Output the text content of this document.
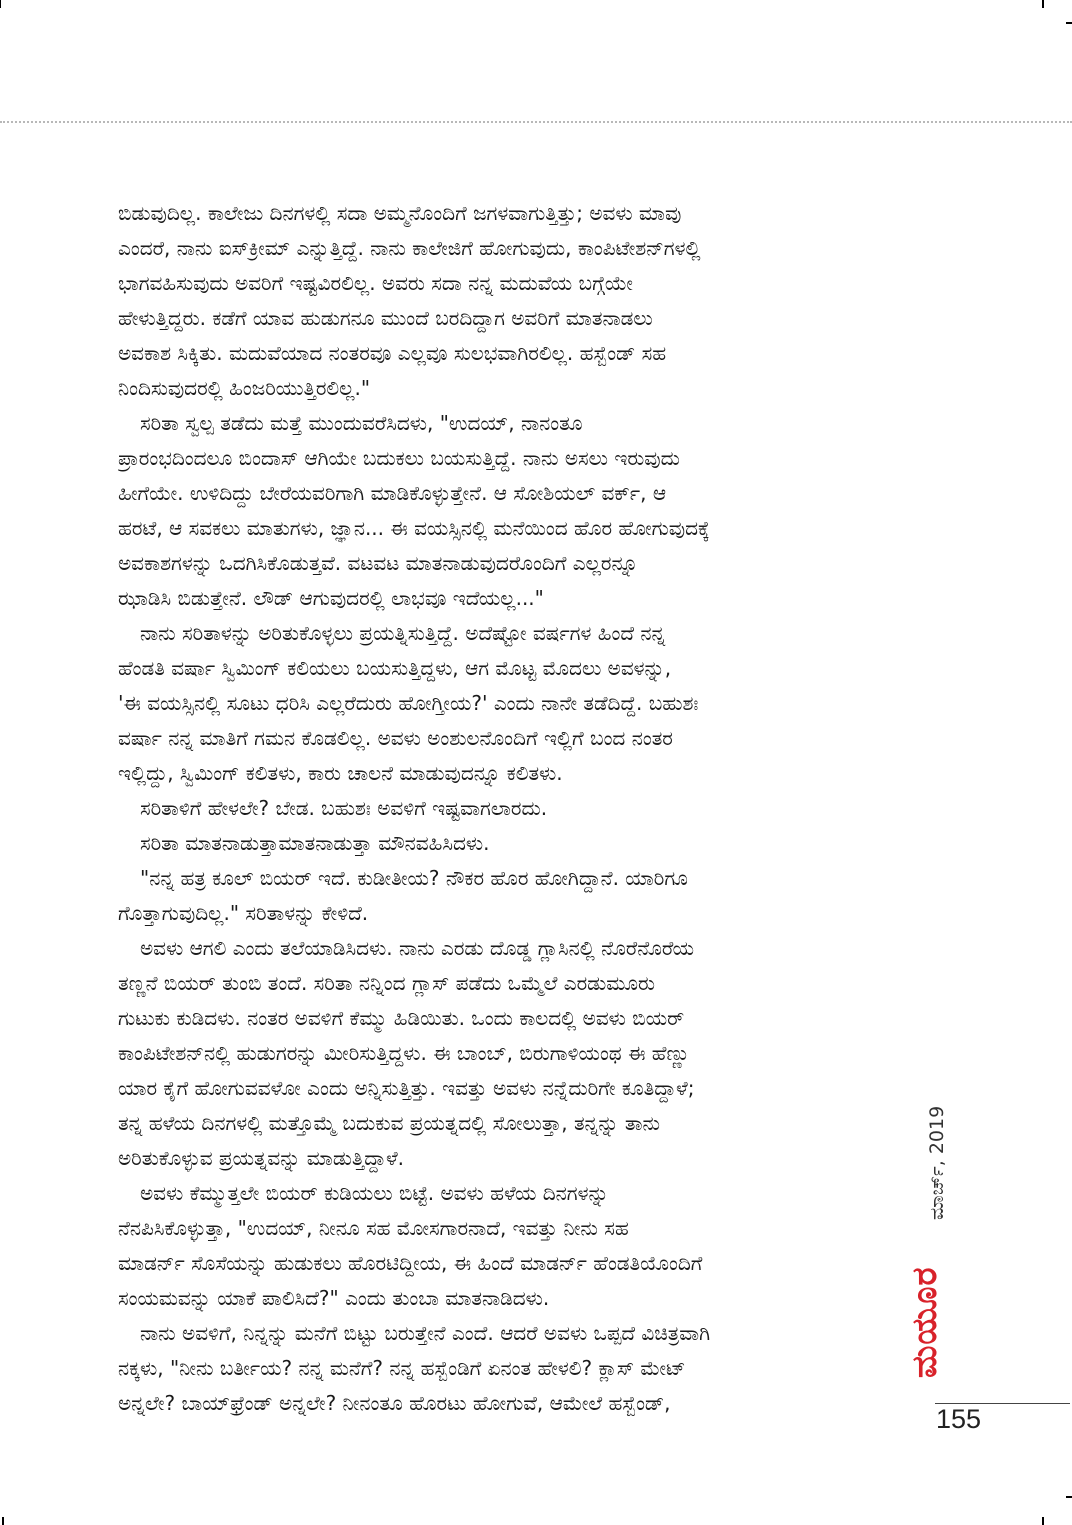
ಬಿಡುವುದಿಲ್ಲ. ಕಾಲೇಜು ದಿನಗಳಲ್ಲಿ ಸದಾ ಅಮ್ಮನೊಂದಿಗೆ ಜಗಳವಾಗುತ್ತಿತ್ತು; ಅವಳು ಮಾವು
ಎಂದರೆ, ನಾನು ಐಸ್‌ಕ್ರೀಮ್ ಎನ್ನುತ್ತಿದ್ದೆ. ನಾನು ಕಾಲೇಜಿಗೆ ಹೋಗುವುದು, ಕಾಂಪಿಟೇಶನ್‌ಗಳಲ್ಲಿ
ಭಾಗವಹಿಸುವುದು ಅವರಿಗೆ ಇಷ್ಟವಿರಲಿಲ್ಲ. ಅವರು ಸದಾ ನನ್ನ ಮದುವೆಯ ಬಗ್ಗೆಯೇ
ಹೇಳುತ್ತಿದ್ದರು. ಕಡೆಗೆ ಯಾವ ಹುಡುಗನೂ ಮುಂದೆ ಬರದಿದ್ದಾಗ ಅವರಿಗೆ ಮಾತನಾಡಲು
ಅವಕಾಶ ಸಿಕ್ಕಿತು. ಮದುವೆಯಾದ ನಂತರವೂ ಎಲ್ಲವೂ ಸುಲಭವಾಗಿರಲಿಲ್ಲ. ಹಸ್ಬೆಂಡ್ ಸಹ
ನಿಂದಿಸುವುದರಲ್ಲಿ ಹಿಂಜರಿಯುತ್ತಿರಲಿಲ್ಲ."

ಸರಿತಾ ಸ್ವಲ್ಪ ತಡೆದು ಮತ್ತೆ ಮುಂದುವರೆಸಿದಳು, "ಉದಯ್, ನಾನಂತೂ
ಪ್ರಾರಂಭದಿಂದಲೂ ಬಿಂದಾಸ್ ಆಗಿಯೇ ಬದುಕಲು ಬಯಸುತ್ತಿದ್ದೆ. ನಾನು ಅಸಲು ಇರುವುದು
ಹೀಗೆಯೇ. ಉಳಿದಿದ್ದು ಬೇರೆಯವರಿಗಾಗಿ ಮಾಡಿಕೊಳ್ಳುತ್ತೇನೆ. ಆ ಸೋಶಿಯಲ್ ವರ್ಕ್, ಆ
ಹರಟೆ, ಆ ಸವಕಲು ಮಾತುಗಳು, ಜ್ಞಾನ... ಈ ವಯಸ್ಸಿನಲ್ಲಿ ಮನೆಯಿಂದ ಹೊರ ಹೋಗುವುದಕ್ಕೆ
ಅವಕಾಶಗಳನ್ನು ಒದಗಿಸಿಕೊಡುತ್ತವೆ. ವಟವಟ ಮಾತನಾಡುವುದರೊಂದಿಗೆ ಎಲ್ಲರನ್ನೂ
ಝಾಡಿಸಿ ಬಿಡುತ್ತೇನೆ. ಲೌಡ್ ಆಗುವುದರಲ್ಲಿ ಲಾಭವೂ ಇದೆಯಲ್ಲ..."

ನಾನು ಸರಿತಾಳನ್ನು ಅರಿತುಕೊಳ್ಳಲು ಪ್ರಯತ್ನಿಸುತ್ತಿದ್ದೆ. ಅದೆಷ್ಟೋ ವರ್ಷಗಳ ಹಿಂದೆ ನನ್ನ
ಹೆಂಡತಿ ವರ್ಷಾ ಸ್ವಿಮಿಂಗ್ ಕಲಿಯಲು ಬಯಸುತ್ತಿದ್ದಳು, ಆಗ ಮೊಟ್ಟ ಮೊದಲು ಅವಳನ್ನು,
'ಈ ವಯಸ್ಸಿನಲ್ಲಿ ಸೂಟು ಧರಿಸಿ ಎಲ್ಲರೆದುರು ಹೋಗ್ತೀಯ?' ಎಂದು ನಾನೇ ತಡೆದಿದ್ದೆ. ಬಹುಶಃ
ವರ್ಷಾ ನನ್ನ ಮಾತಿಗೆ ಗಮನ ಕೊಡಲಿಲ್ಲ. ಅವಳು ಅಂಶುಲನೊಂದಿಗೆ ಇಲ್ಲಿಗೆ ಬಂದ ನಂತರ
ಇಲ್ಲಿದ್ದು, ಸ್ವಿಮಿಂಗ್ ಕಲಿತಳು, ಕಾರು ಚಾಲನೆ ಮಾಡುವುದನ್ನೂ ಕಲಿತಳು.

ಸರಿತಾಳಿಗೆ ಹೇಳಲೇ? ಬೇಡ. ಬಹುಶಃ ಅವಳಿಗೆ ಇಷ್ಟವಾಗಲಾರದು.

ಸರಿತಾ ಮಾತನಾಡುತ್ತಾಮಾತನಾಡುತ್ತಾ ಮೌನವಹಿಸಿದಳು.

"ನನ್ನ ಹತ್ರ ಕೂಲ್ ಬಿಯರ್ ಇದೆ. ಕುಡೀತೀಯ? ನೌಕರ ಹೊರ ಹೋಗಿದ್ದಾನೆ. ಯಾರಿಗೂ
ಗೊತ್ತಾಗುವುದಿಲ್ಲ." ಸರಿತಾಳನ್ನು ಕೇಳಿದೆ.

ಅವಳು ಆಗಲಿ ಎಂದು ತಲೆಯಾಡಿಸಿದಳು. ನಾನು ಎರಡು ದೊಡ್ಡ ಗ್ಲಾಸಿನಲ್ಲಿ ನೊರೆನೊರೆಯ
ತಣ್ಣನೆ ಬಿಯರ್ ತುಂಬಿ ತಂದೆ. ಸರಿತಾ ನನ್ನಿಂದ ಗ್ಲಾಸ್ ಪಡೆದು ಒಮ್ಮೆಲೆ ಎರಡುಮೂರು
ಗುಟುಕು ಕುಡಿದಳು. ನಂತರ ಅವಳಿಗೆ ಕೆಮ್ಮು ಹಿಡಿಯಿತು. ಒಂದು ಕಾಲದಲ್ಲಿ ಅವಳು ಬಿಯರ್
ಕಾಂಪಿಟೇಶನ್‌ನಲ್ಲಿ ಹುಡುಗರನ್ನು ಮೀರಿಸುತ್ತಿದ್ದಳು. ಈ ಬಾಂಬ್, ಬಿರುಗಾಳಿಯಂಥ ಈ ಹೆಣ್ಣು
ಯಾರ ಕೈಗೆ ಹೋಗುವವಳೋ ಎಂದು ಅನ್ನಿಸುತ್ತಿತ್ತು. ಇವತ್ತು ಅವಳು ನನ್ನೆದುರಿಗೇ ಕೂತಿದ್ದಾಳೆ;
ತನ್ನ ಹಳೆಯ ದಿನಗಳಲ್ಲಿ ಮತ್ತೊಮ್ಮೆ ಬದುಕುವ ಪ್ರಯತ್ನದಲ್ಲಿ ಸೋಲುತ್ತಾ, ತನ್ನನ್ನು ತಾನು
ಅರಿತುಕೊಳ್ಳುವ ಪ್ರಯತ್ನವನ್ನು ಮಾಡುತ್ತಿದ್ದಾಳೆ.

ಅವಳು ಕೆಮ್ಮುತ್ತಲೇ ಬಿಯರ್ ಕುಡಿಯಲು ಬಿಟ್ಟೆ. ಅವಳು ಹಳೆಯ ದಿನಗಳನ್ನು
ನೆನಪಿಸಿಕೊಳ್ಳುತ್ತಾ, "ಉದಯ್, ನೀನೂ ಸಹ ಮೋಸಗಾರನಾದೆ, ಇವತ್ತು ನೀನು ಸಹ
ಮಾಡರ್ನ್ ಸೊಸೆಯನ್ನು ಹುಡುಕಲು ಹೊರಟಿದ್ದೀಯ, ಈ ಹಿಂದೆ ಮಾಡರ್ನ್ ಹೆಂಡತಿಯೊಂದಿಗೆ
ಸಂಯಮವನ್ನು ಯಾಕೆ ಪಾಲಿಸಿದೆ?" ಎಂದು ತುಂಬಾ ಮಾತನಾಡಿದಳು.

ನಾನು ಅವಳಿಗೆ, ನಿನ್ನನ್ನು ಮನೆಗೆ ಬಿಟ್ಟು ಬರುತ್ತೇನೆ ಎಂದೆ. ಆದರೆ ಅವಳು ಒಪ್ಪದೆ ವಿಚಿತ್ರವಾಗಿ
ನಕ್ಕಳು, "ನೀನು ಬರ್ತೀಯ? ನನ್ನ ಮನೆಗೆ? ನನ್ನ ಹಸ್ಬೆಂಡಿಗೆ ಏನಂತ ಹೇಳಲಿ? ಕ್ಲಾಸ್ ಮೇಟ್
ಅನ್ನಲೇ? ಬಾಯ್‌ಫ್ರೆಂಡ್ ಅನ್ನಲೇ? ನೀನಂತೂ ಹೊರಟು ಹೋಗುವೆ, ಆಮೇಲೆ ಹಸ್ಬೆಂಡ್,

ಮಾರ್ಚ್, 2019
ಮಯೂರ
155
